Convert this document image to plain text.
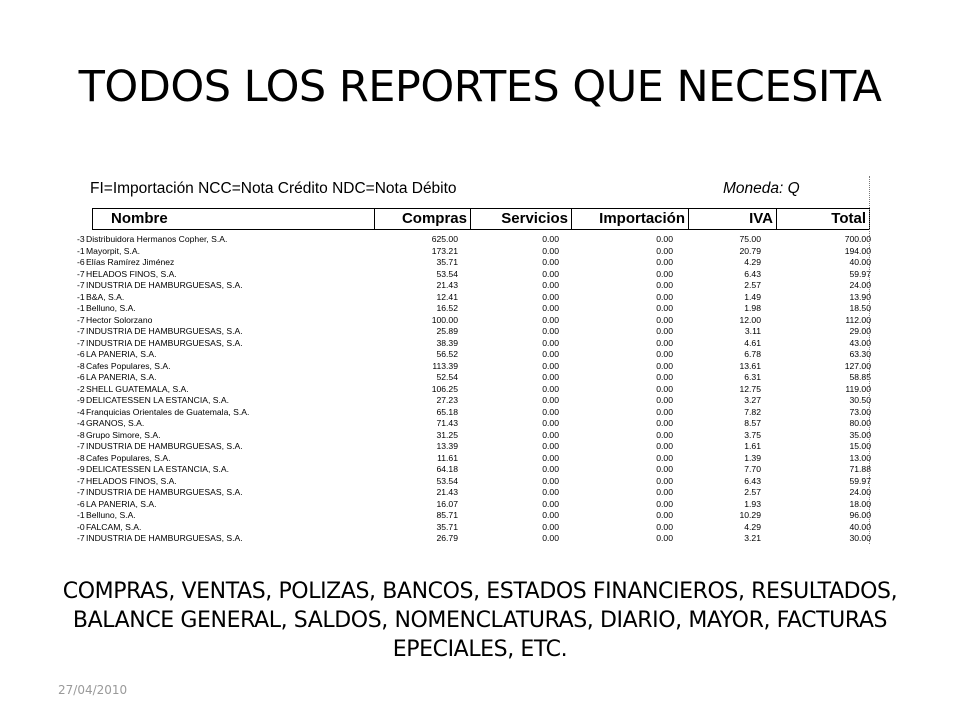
TODOS LOS REPORTES QUE NECESITA
FI=Importación NCC=Nota Crédito NDC=Nota Débito	Moneda: Q
Nombre	Compras	Servicios	Importación	IVA	Total
-3 Distribuidora Hermanos Copher, S.A.	625.00	0.00	0.00	75.00	700.00
-1 Mayorpit, S.A.	173.21	0.00	0.00	20.79	194.00
-6 Elías Ramírez Jiménez	35.71	0.00	0.00	4.29	40.00
-7 HELADOS FINOS, S.A.	53.54	0.00	0.00	6.43	59.97
-7 INDUSTRIA DE HAMBURGUESAS, S.A.	21.43	0.00	0.00	2.57	24.00
-1 B&A, S.A.	12.41	0.00	0.00	1.49	13.90
-1 Belluno, S.A.	16.52	0.00	0.00	1.98	18.50
-7 Hector Solorzano	100.00	0.00	0.00	12.00	112.00
-7 INDUSTRIA DE HAMBURGUESAS, S.A.	25.89	0.00	0.00	3.11	29.00
-7 INDUSTRIA DE HAMBURGUESAS, S.A.	38.39	0.00	0.00	4.61	43.00
-6 LA PANERIA, S.A.	56.52	0.00	0.00	6.78	63.30
-8 Cafes Populares, S.A.	113.39	0.00	0.00	13.61	127.00
-6 LA PANERIA, S.A.	52.54	0.00	0.00	6.31	58.85
-2 SHELL GUATEMALA, S.A.	106.25	0.00	0.00	12.75	119.00
-9 DELICATESSEN LA ESTANCIA, S.A.	27.23	0.00	0.00	3.27	30.50
-4 Franquicias Orientales de Guatemala, S.A.	65.18	0.00	0.00	7.82	73.00
-4 GRANOS, S.A.	71.43	0.00	0.00	8.57	80.00
-8 Grupo Simore, S.A.	31.25	0.00	0.00	3.75	35.00
-7 INDUSTRIA DE HAMBURGUESAS, S.A.	13.39	0.00	0.00	1.61	15.00
-8 Cafes Populares, S.A.	11.61	0.00	0.00	1.39	13.00
-9 DELICATESSEN LA ESTANCIA, S.A.	64.18	0.00	0.00	7.70	71.88
-7 HELADOS FINOS, S.A.	53.54	0.00	0.00	6.43	59.97
-7 INDUSTRIA DE HAMBURGUESAS, S.A.	21.43	0.00	0.00	2.57	24.00
-6 LA PANERIA, S.A.	16.07	0.00	0.00	1.93	18.00
-1 Belluno, S.A.	85.71	0.00	0.00	10.29	96.00
-0 FALCAM, S.A.	35.71	0.00	0.00	4.29	40.00
-7 INDUSTRIA DE HAMBURGUESAS, S.A.	26.79	0.00	0.00	3.21	30.00
COMPRAS, VENTAS, POLIZAS, BANCOS, ESTADOS FINANCIEROS, RESULTADOS, BALANCE GENERAL, SALDOS, NOMENCLATURAS, DIARIO, MAYOR, FACTURAS EPECIALES, ETC.
27/04/2010
